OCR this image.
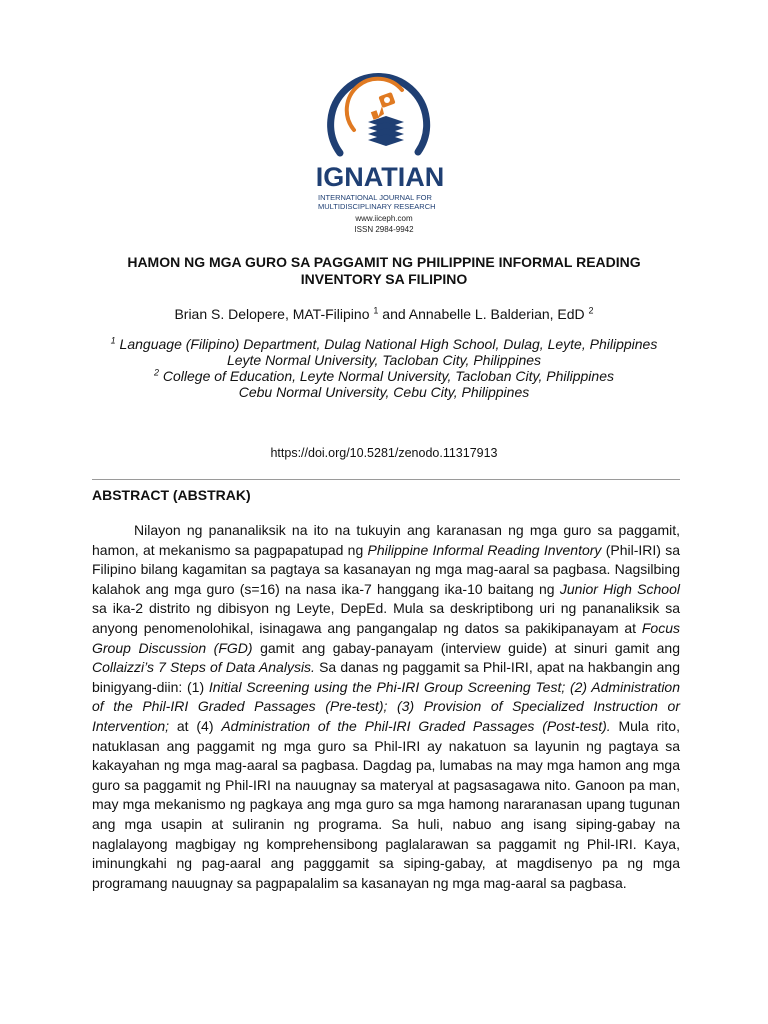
IGNATIAN
INTERNATIONAL JOURNAL FOR
MULTIDISCIPLINARY RESEARCH
www.iiceph.com
ISSN 2984-9942
HAMON NG MGA GURO SA PAGGAMIT NG PHILIPPINE INFORMAL READING
INVENTORY SA FILIPINO
Brian S. Delopere, MAT-Filipino $^1$ and Annabelle L. Balderian, EdD $^2$
$^1$ Language (Filipino) Department, Dulag National High School, Dulag, Leyte, Philippines
Leyte Normal University, Tacloban City, Philippines
$^2$ College of Education, Leyte Normal University, Tacloban City, Philippines
Cebu Normal University, Cebu City, Philippines
https://doi.org/10.5281/zenodo.11317913
ABSTRACT (ABSTRAK)

Nilayon ng pananaliksik na ito na tukuyin ang karanasan ng mga guro sa paggamit, hamon, at mekanismo sa pagpapatupad ng Philippine Informal Reading Inventory (Phil-IRI) sa Filipino bilang kagamitan sa pagtaya sa kasanayan ng mga mag-aaral sa pagbasa. Nagsilbing kalahok ang mga guro (s=16) na nasa ika-7 hanggang ika-10 baitang ng Junior High School sa ika-2 distrito ng dibisyon ng Leyte, DepEd. Mula sa deskriptibong uri ng pananaliksik sa anyong penomenolohikal, isinagawa ang pangangalap ng datos sa pakikipanayam at Focus Group Discussion (FGD) gamit ang gabay-panayam (interview guide) at sinuri gamit ang Collaizzi’s 7 Steps of Data Analysis. Sa danas ng paggamit sa Phil-IRI, apat na hakbangin ang binigyang-diin: (1) Initial Screening using the Phi-IRI Group Screening Test; (2) Administration of the Phil-IRI Graded Passages (Pre-test); (3) Provision of Specialized Instruction or Intervention; at (4) Administration of the Phil-IRI Graded Passages (Post-test). Mula rito, natuklasan ang paggamit ng mga guro sa Phil-IRI ay nakatuon sa layunin ng pagtaya sa kakayahan ng mga mag-aaral sa pagbasa. Dagdag pa, lumabas na may mga hamon ang mga guro sa paggamit ng Phil-IRI na nauugnay sa materyal at pagsasagawa nito. Ganoon pa man, may mga mekanismo ng pagkaya ang mga guro sa mga hamong nararanasan upang tugunan ang mga usapin at suliranin ng programa. Sa huli, nabuo ang isang siping-gabay na naglalayong magbigay ng komprehensibong paglalarawan sa paggamit ng Phil-IRI. Kaya, iminungkahi ng pag-aaral ang pagggamit sa siping-gabay, at magdisenyo pa ng mga programang nauugnay sa pagpapalalim sa kasanayan ng mga mag-aaral sa pagbasa.
